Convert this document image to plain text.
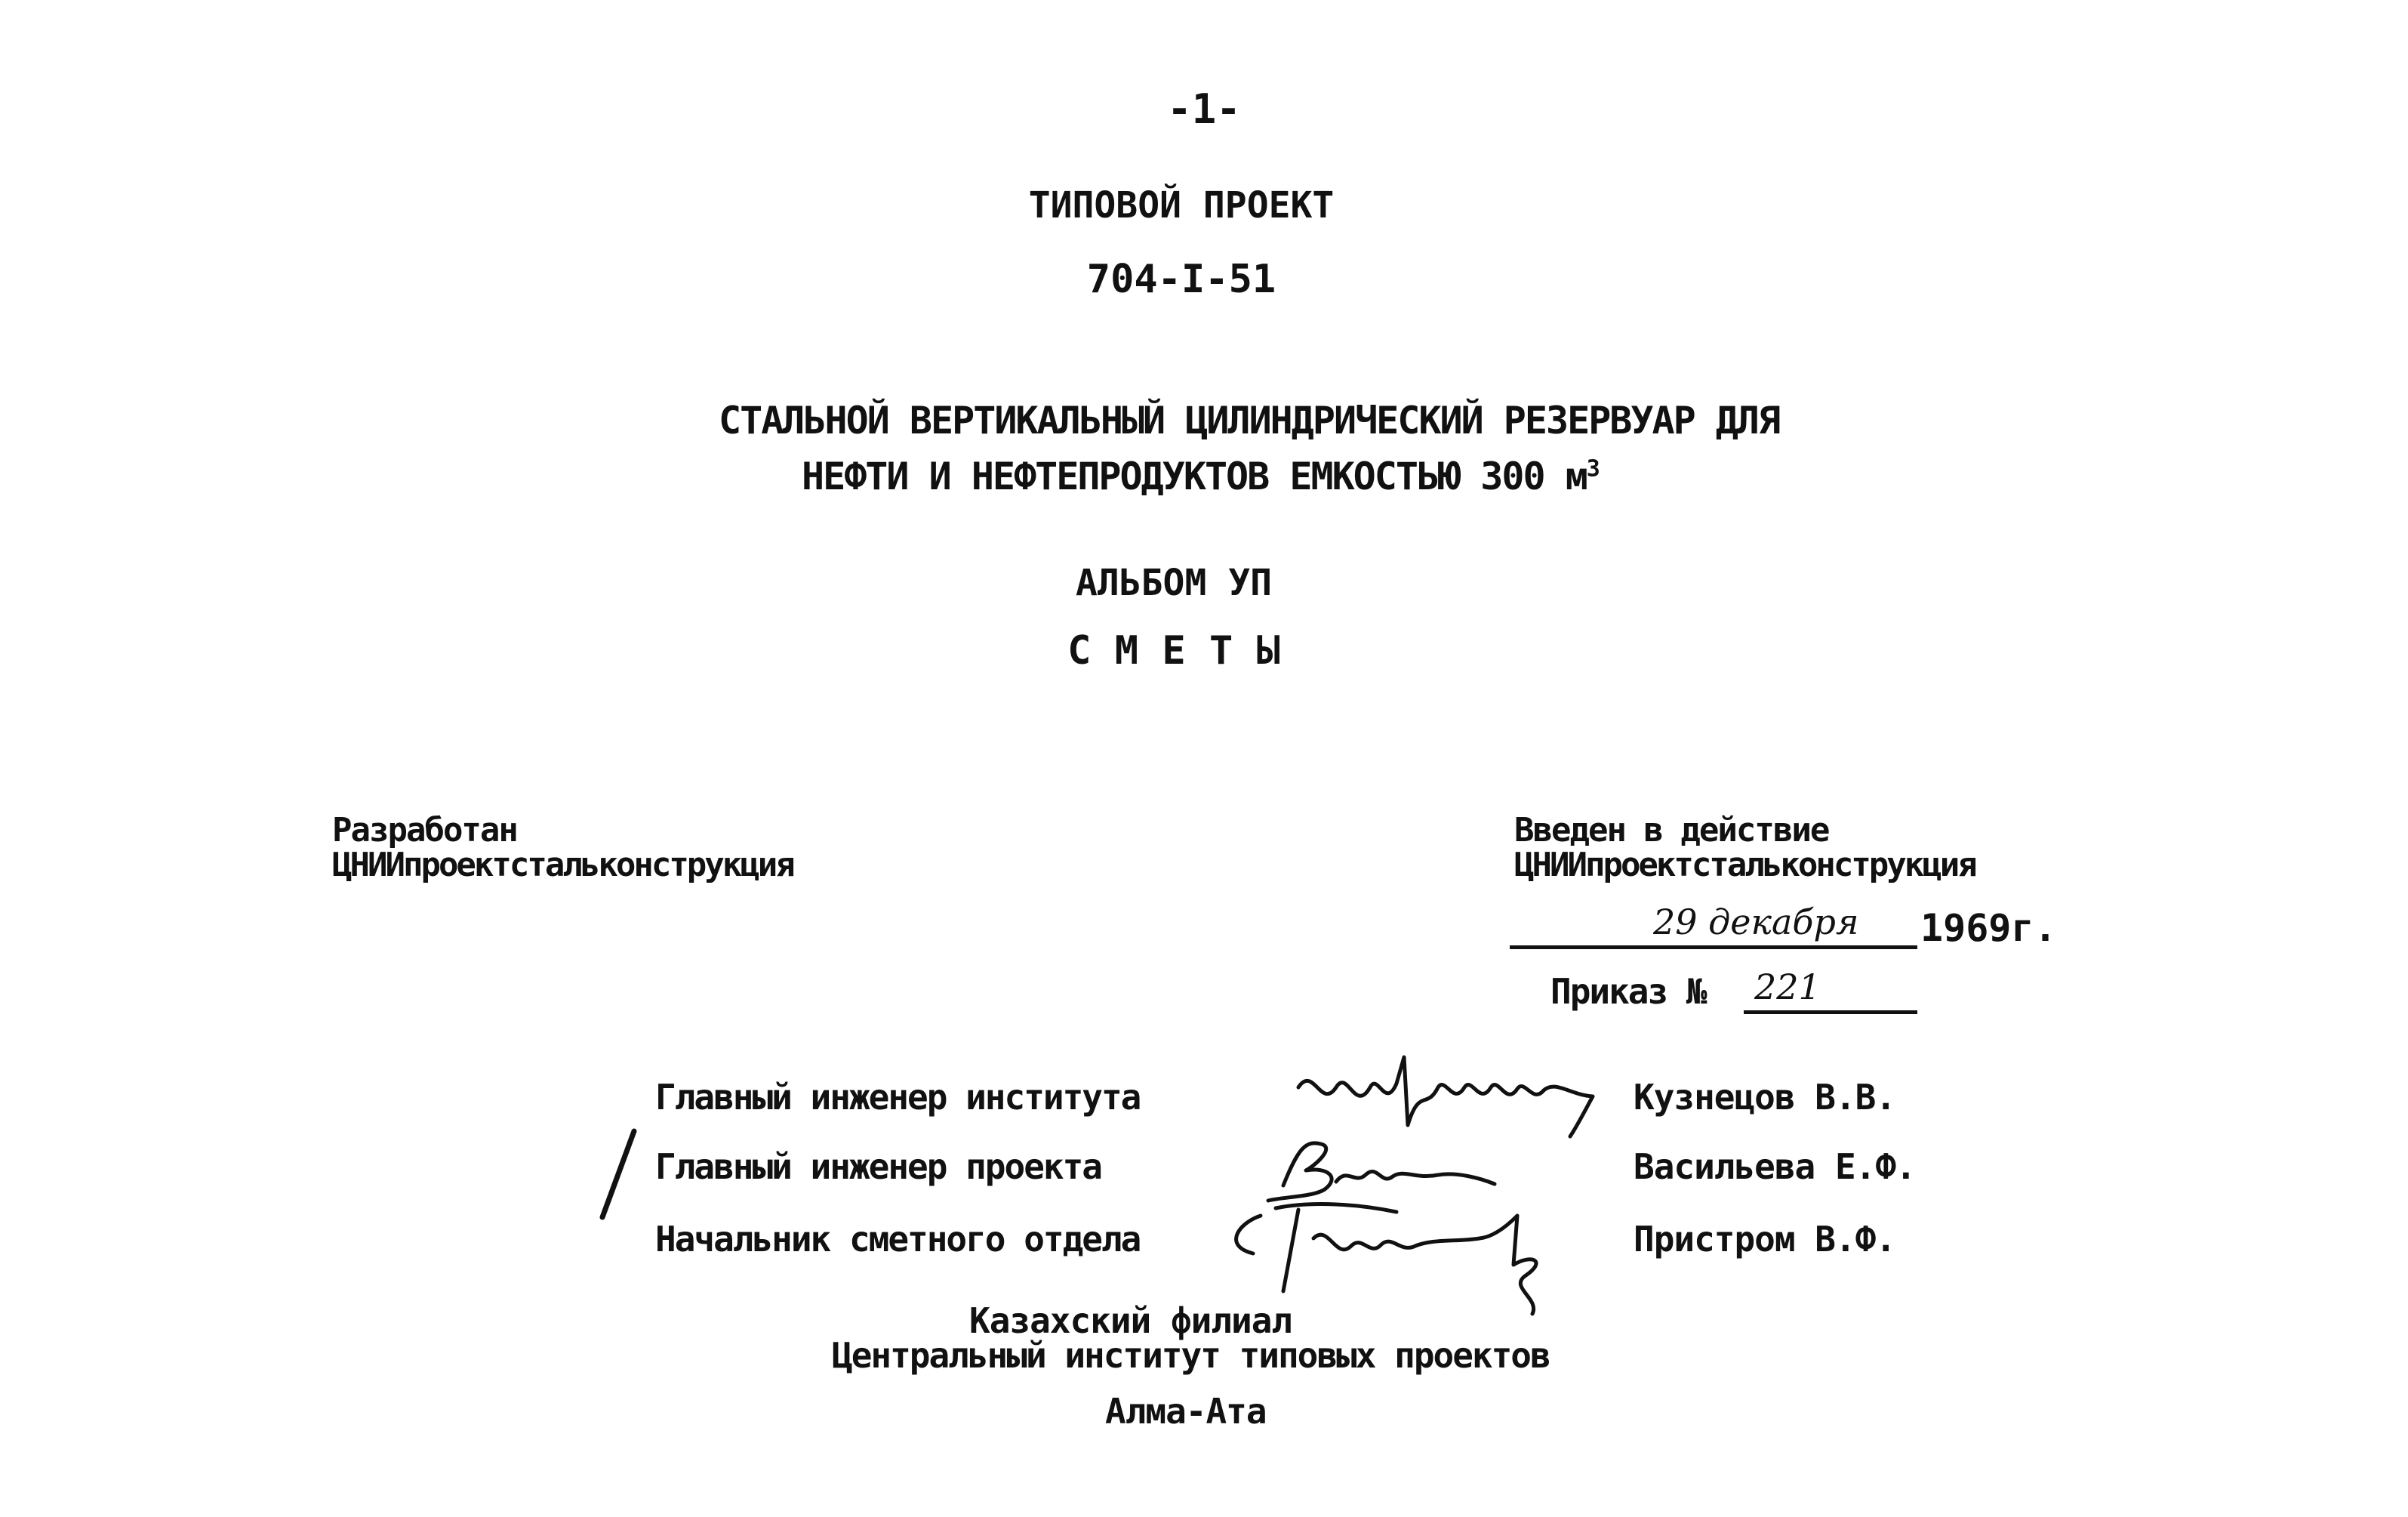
-1-
ТИПОВОЙ ПРОЕКТ
704-I-51
СТАЛЬНОЙ ВЕРТИКАЛЬНЫЙ ЦИЛИНДРИЧЕСКИЙ РЕЗЕРВУАР ДЛЯ
НЕФТИ И НЕФТЕПРОДУКТОВ ЕМКОСТЬЮ 300 $м^3$
АЛЬБОМ УП
С М Е Т Ы
Разработан
ЦНИИпроектстальконструкция
Введен в действие
ЦНИИпроектстальконструкция
29 декабря 1969г.
Приказ № 221
Главный инженер института	Кузнецов В.В.
Главный инженер проекта	Васильева Е.Ф.
Начальник сметного отдела	Пристром В.Ф.
Казахский филиал
Центральный институт типовых проектов
Алма-Ата
